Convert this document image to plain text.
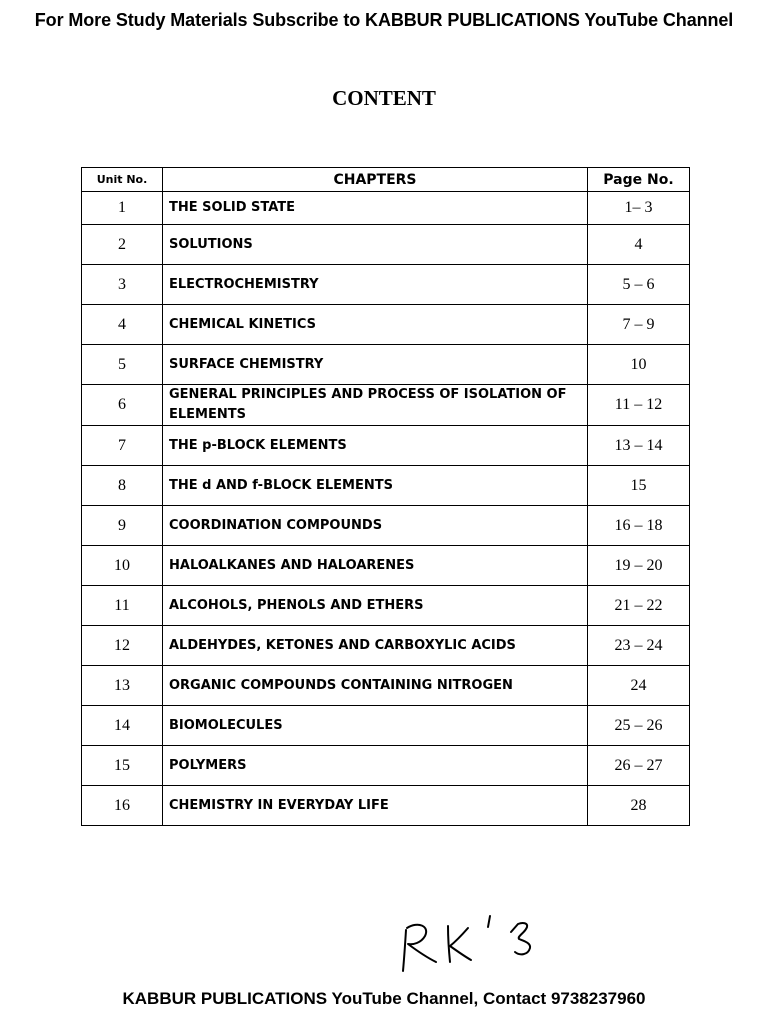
For More Study Materials Subscribe to KABBUR PUBLICATIONS YouTube Channel
CONTENT
Unit No.	CHAPTERS	Page No.
1	THE SOLID STATE	1– 3
2	SOLUTIONS	4
3	ELECTROCHEMISTRY	5 – 6
4	CHEMICAL KINETICS	7 – 9
5	SURFACE CHEMISTRY	10
6	GENERAL PRINCIPLES AND PROCESS OF ISOLATION OF ELEMENTS	11 – 12
7	THE p-BLOCK ELEMENTS	13 – 14
8	THE d AND f-BLOCK ELEMENTS	15
9	COORDINATION COMPOUNDS	16 – 18
10	HALOALKANES AND HALOARENES	19 – 20
11	ALCOHOLS, PHENOLS AND ETHERS	21 – 22
12	ALDEHYDES, KETONES AND CARBOXYLIC ACIDS	23 – 24
13	ORGANIC COMPOUNDS CONTAINING NITROGEN	24
14	BIOMOLECULES	25 – 26
15	POLYMERS	26 – 27
16	CHEMISTRY IN EVERYDAY LIFE	28
KABBUR PUBLICATIONS YouTube Channel, Contact 9738237960
